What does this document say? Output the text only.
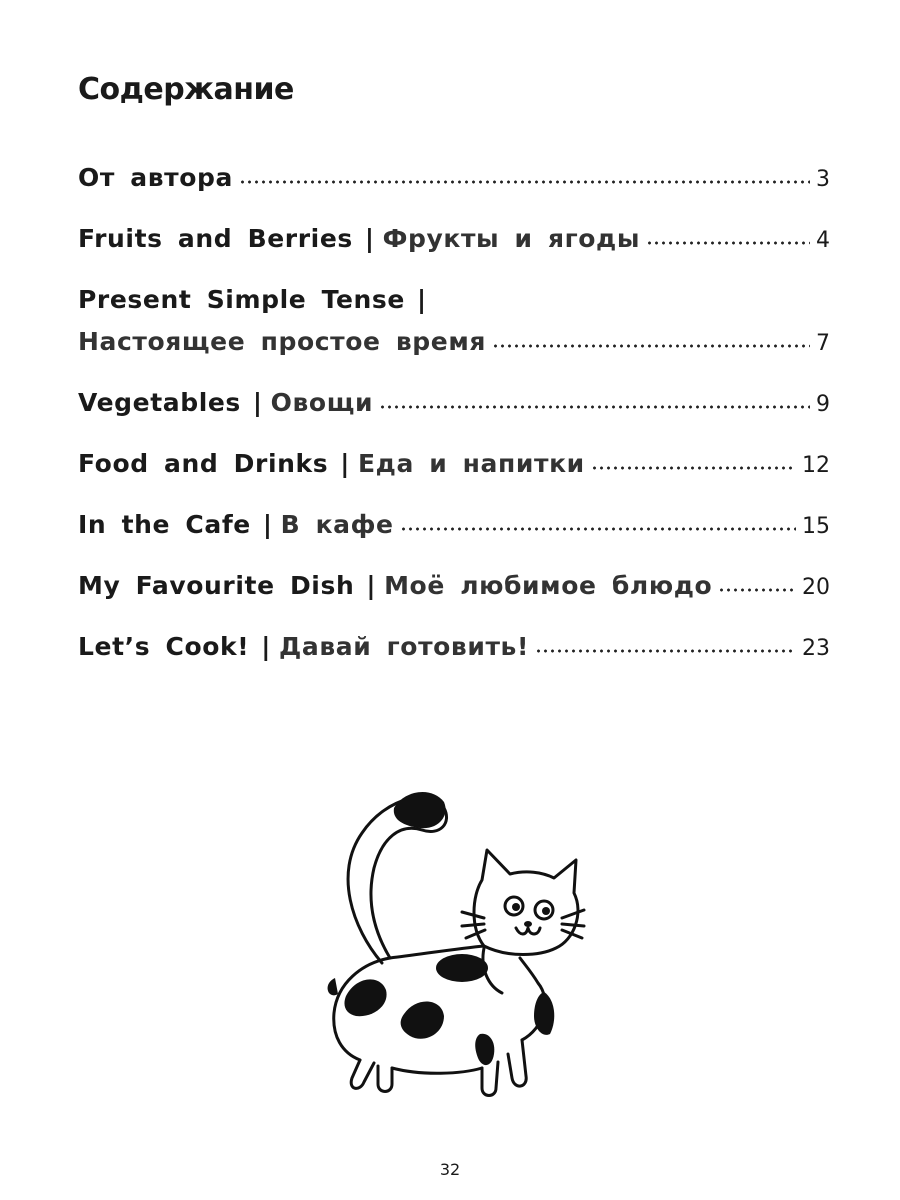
Содержание
От автора	3
Fruits and Berries | Фрукты и ягоды	4
Present Simple Tense |
Настоящее простое время	7
Vegetables | Овощи	9
Food and Drinks | Еда и напитки	12
In the Cafe | В кафе	15
My Favourite Dish | Моё любимое блюдо	20
Let’s Cook! | Давай готовить!	23
32
